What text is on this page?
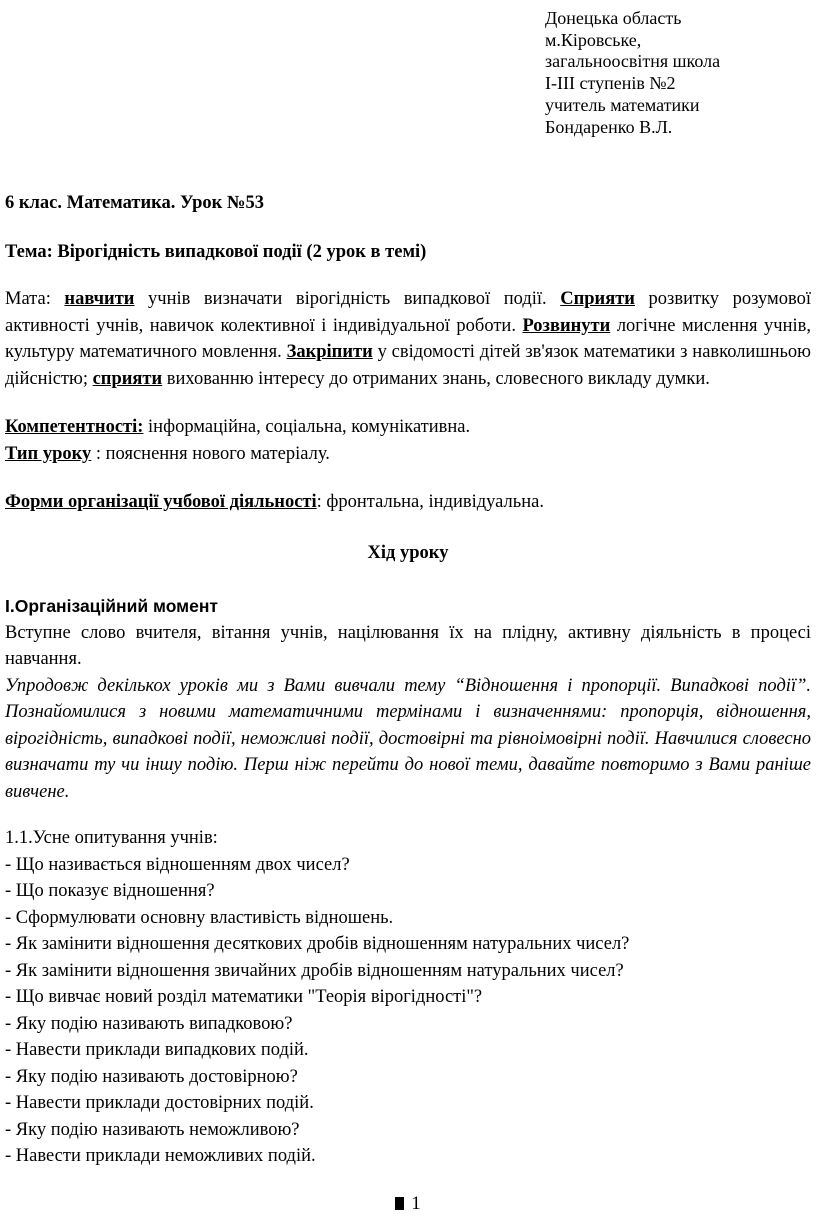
Донецька область
м.Кіровське,
загальноосвітня школа
І-ІІІ ступенів №2
учитель математики
Бондаренко В.Л.

6 клас. Математика. Урок №53

Тема: Вірогідність випадкової події (2 урок в темі)

Мата: навчити учнів визначати вірогідність випадкової події. Сприяти розвитку розумової активності учнів, навичок колективної і індивідуальної роботи. Розвинути логічне мислення учнів, культуру математичного мовлення. Закріпити у свідомості дітей зв'язок математики з навколишньою дійсністю; сприяти вихованню інтересу до отриманих знань, словесного викладу думки.

Компетентності: інформаційна, соціальна, комунікативна.

Тип уроку : пояснення нового матеріалу.

Форми організації учбової діяльності: фронтальна, індивідуальна.

Хід уроку

І.Організаційний момент

Вступне слово вчителя, вітання учнів, націлювання їх на плідну, активну діяльність в процесі навчання.

Упродовж декількох уроків ми з Вами вивчали тему “Відношення і пропорції. Випадкові події”. Познайомилися з новими математичними термінами і визначеннями: пропорція, відношення, вірогідність, випадкові події, неможливі події, достовірні та рівноімовірні події. Навчилися словесно визначати ту чи іншу подію. Перш ніж перейти до нової теми, давайте повторимо з Вами раніше вивчене.

1.1.Усне опитування учнів:

- Що називається відношенням двох чисел?
- Що показує відношення?
- Сформулювати основну властивість відношень.
- Як замінити відношення десяткових дробів відношенням натуральних чисел?
- Як замінити відношення звичайних дробів відношенням натуральних чисел?
- Що вивчає новий розділ математики "Теорія вірогідності"?
- Яку подію називають випадковою?
- Навести приклади випадкових подій.
- Яку подію називають достовірною?
- Навести приклади достовірних подій.
- Яку подію називають неможливою?
- Навести приклади неможливих подій.
1
